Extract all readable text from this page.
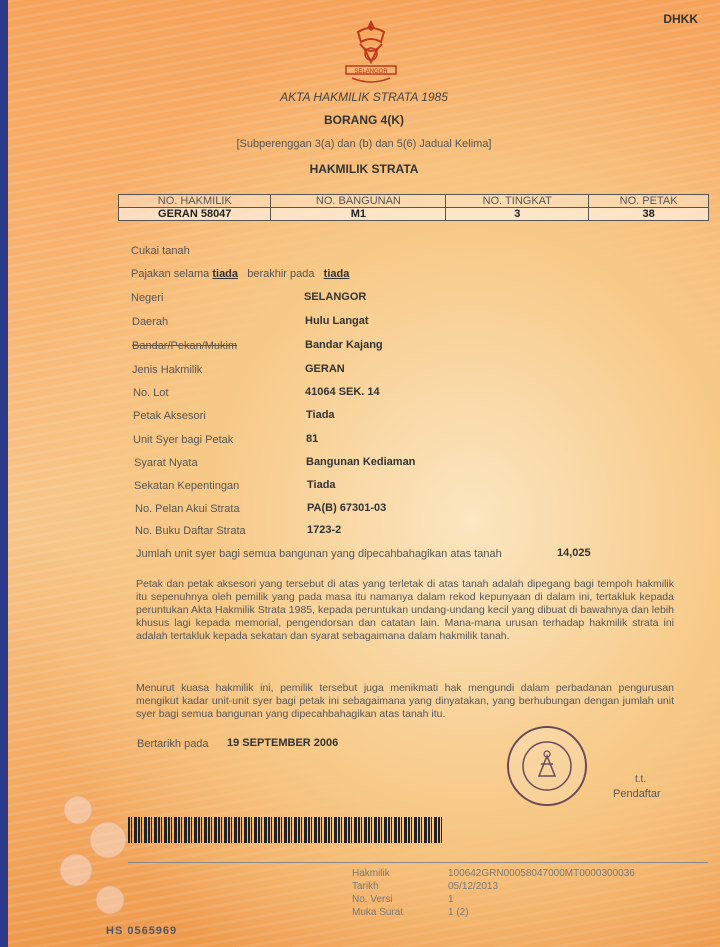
DHKK
SELANGOR
AKTA HAKMILIK STRATA 1985
BORANG 4(K)
[Subperenggan 3(a) dan (b) dan 5(6) Jadual Kelima]
HAKMILIK STRATA
NO. HAKMILIK	NO. BANGUNAN	NO. TINGKAT	NO. PETAK
GERAN 58047	M1	3	38
Cukai tanah
Pajakan selama tiada berakhir pada tiada
Negeri	SELANGOR
Daerah	Hulu Langat
Bandar/Pekan/Mukim	Bandar Kajang
Jenis Hakmilik	GERAN
No. Lot	41064 SEK. 14
Petak Aksesori	Tiada
Unit Syer bagi Petak	81
Syarat Nyata	Bangunan Kediaman
Sekatan Kepentingan	Tiada
No. Pelan Akui Strata	PA(B) 67301-03
No. Buku Daftar Strata	1723-2
Jumlah unit syer bagi semua bangunan yang dipecahbahagikan atas tanah	14,025
Petak dan petak aksesori yang tersebut di atas yang terletak di atas tanah adalah dipegang bagi tempoh hakmilik itu sepenuhnya oleh pemilik yang pada masa itu namanya dalam rekod kepunyaan di dalam ini, tertakluk kepada peruntukan Akta Hakmilik Strata 1985, kepada peruntukan undang-undang kecil yang dibuat di bawahnya dan lebih khusus lagi kepada memorial, pengendorsan dan catatan lain. Mana-mana urusan terhadap hakmilik strata ini adalah tertakluk kepada sekatan dan syarat sebagaimana dalam hakmilik tanah.
Menurut kuasa hakmilik ini, pemilik tersebut juga menikmati hak mengundi dalam perbadanan pengurusan mengikut kadar unit-unit syer bagi petak ini sebagaimana yang dinyatakan, yang berhubungan dengan jumlah unit syer bagi semua bangunan yang dipecahbahagikan atas tanah itu.
Bertarikh pada 19 SEPTEMBER 2006
t.t.
Pendaftar
Hakmilik	100642GRN00058047000MT0000300036
Tarikh	05/12/2013
No. Versi	1
Muka Surat	1 (2)
HS 0565969
